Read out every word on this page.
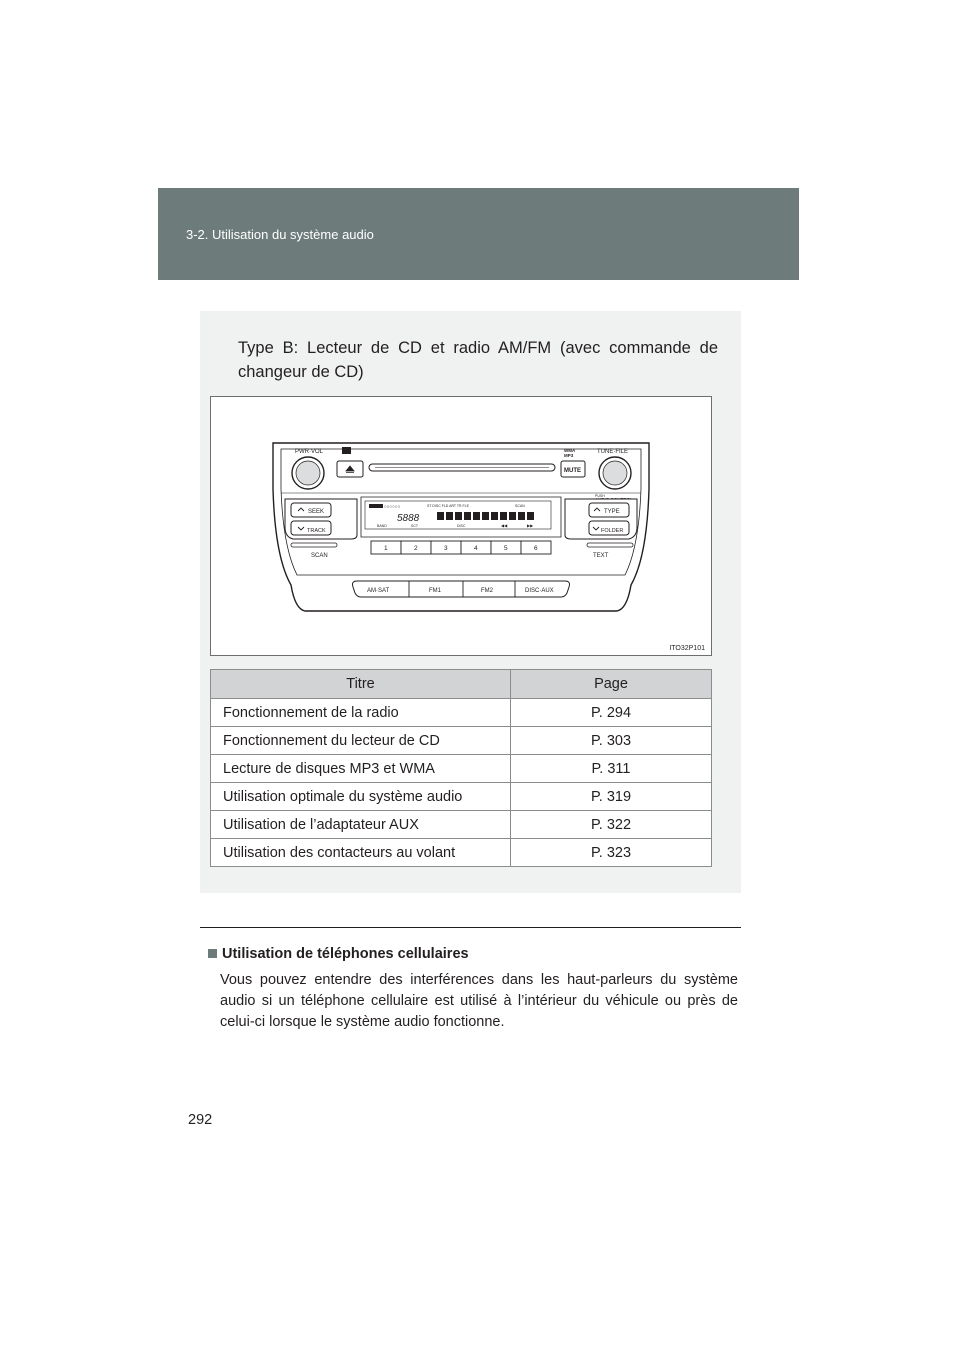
3-2. Utilisation du système audio
Type B: Lecteur de CD et radio AM/FM (avec commande de changeur de CD)
PWR·VOL	TUNE·FILE
PUSH
MUTE
WMA
MP3
SEEK
TRACK
SCAN
TYPE
FOLDER
TEXT
○○○○○○	ST DISC FLD ART TR FLE	SCAN
5888
BAND	SCT	DISC	◀◀	▶▶
1	2	3	4	5	6
AM·SAT	FM1	FM2	DISC·AUX
ITO32P101
Titre	Page
Fonctionnement de la radio	P. 294
Fonctionnement du lecteur de CD	P. 303
Lecture de disques MP3 et WMA	P. 311
Utilisation optimale du système audio	P. 319
Utilisation de l’adaptateur AUX	P. 322
Utilisation des contacteurs au volant	P. 323
Utilisation de téléphones cellulaires
Vous pouvez entendre des interférences dans les haut-parleurs du système audio si un téléphone cellulaire est utilisé à l’intérieur du véhicule ou près de celui-ci lorsque le système audio fonctionne.
292
